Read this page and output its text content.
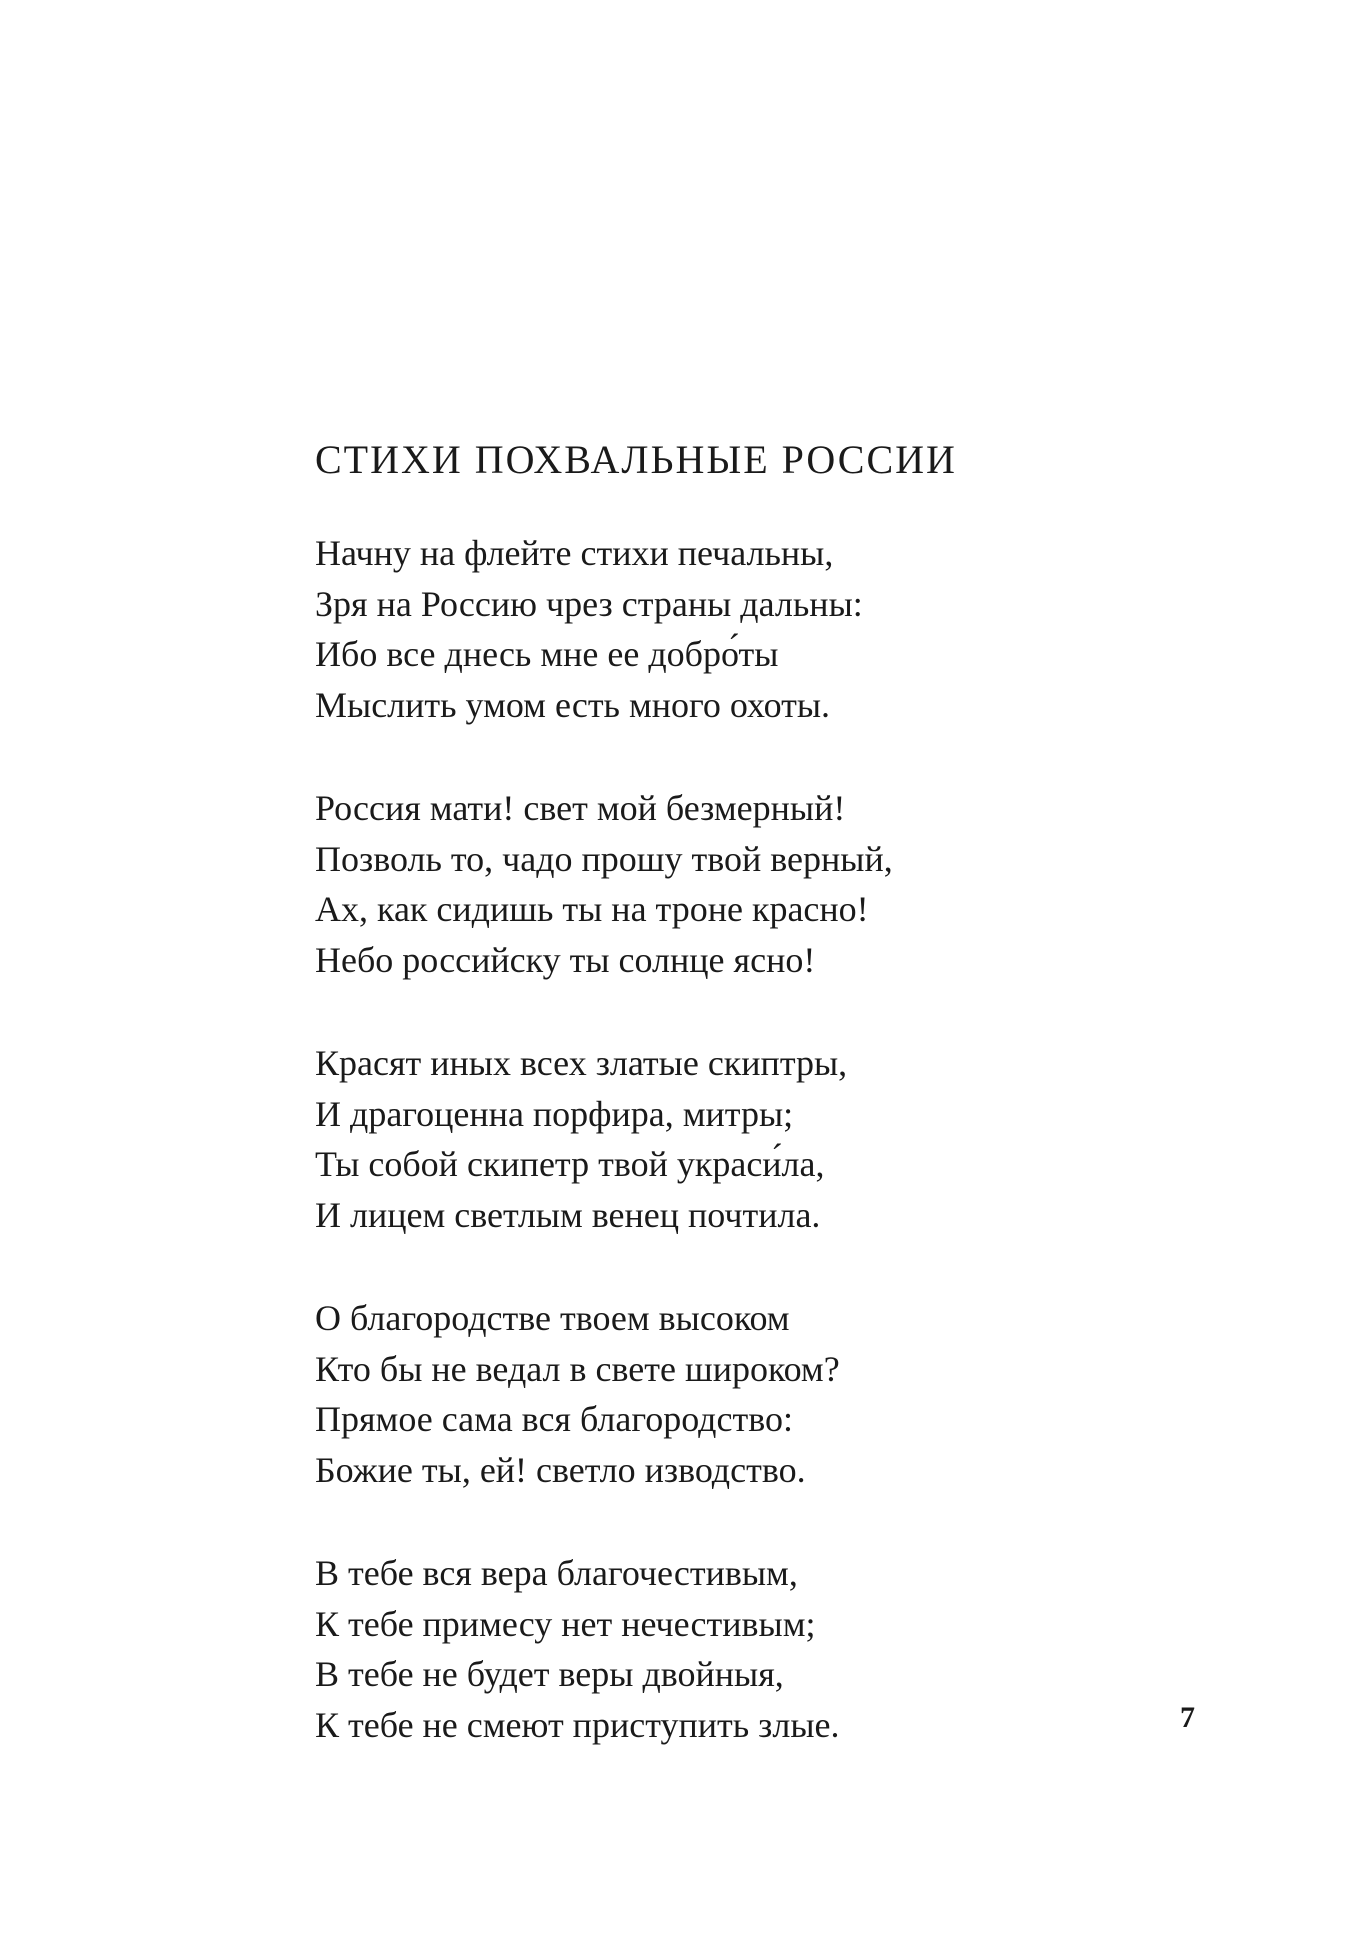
СТИХИ ПОХВАЛЬНЫЕ РОССИИ
Начну на флейте стихи печальны,
Зря на Россию чрез страны дальны:
Ибо все днесь мне ее добро́ты
Мыслить умом есть много охоты.
Россия мати! свет мой безмерный!
Позволь то, чадо прошу твой верный,
Ах, как сидишь ты на троне красно!
Небо российску ты солнце ясно!
Красят иных всех златые скиптры,
И драгоценна порфира, митры;
Ты собой скипетр твой украси́ла,
И лицем светлым венец почтила.
О благородстве твоем высоком
Кто бы не ведал в свете широком?
Прямое сама вся благородство:
Божие ты, ей! светло изводство.
В тебе вся вера благочестивым,
К тебе примесу нет нечестивым;
В тебе не будет веры двойныя,
К тебе не смеют приступить злые.	7
